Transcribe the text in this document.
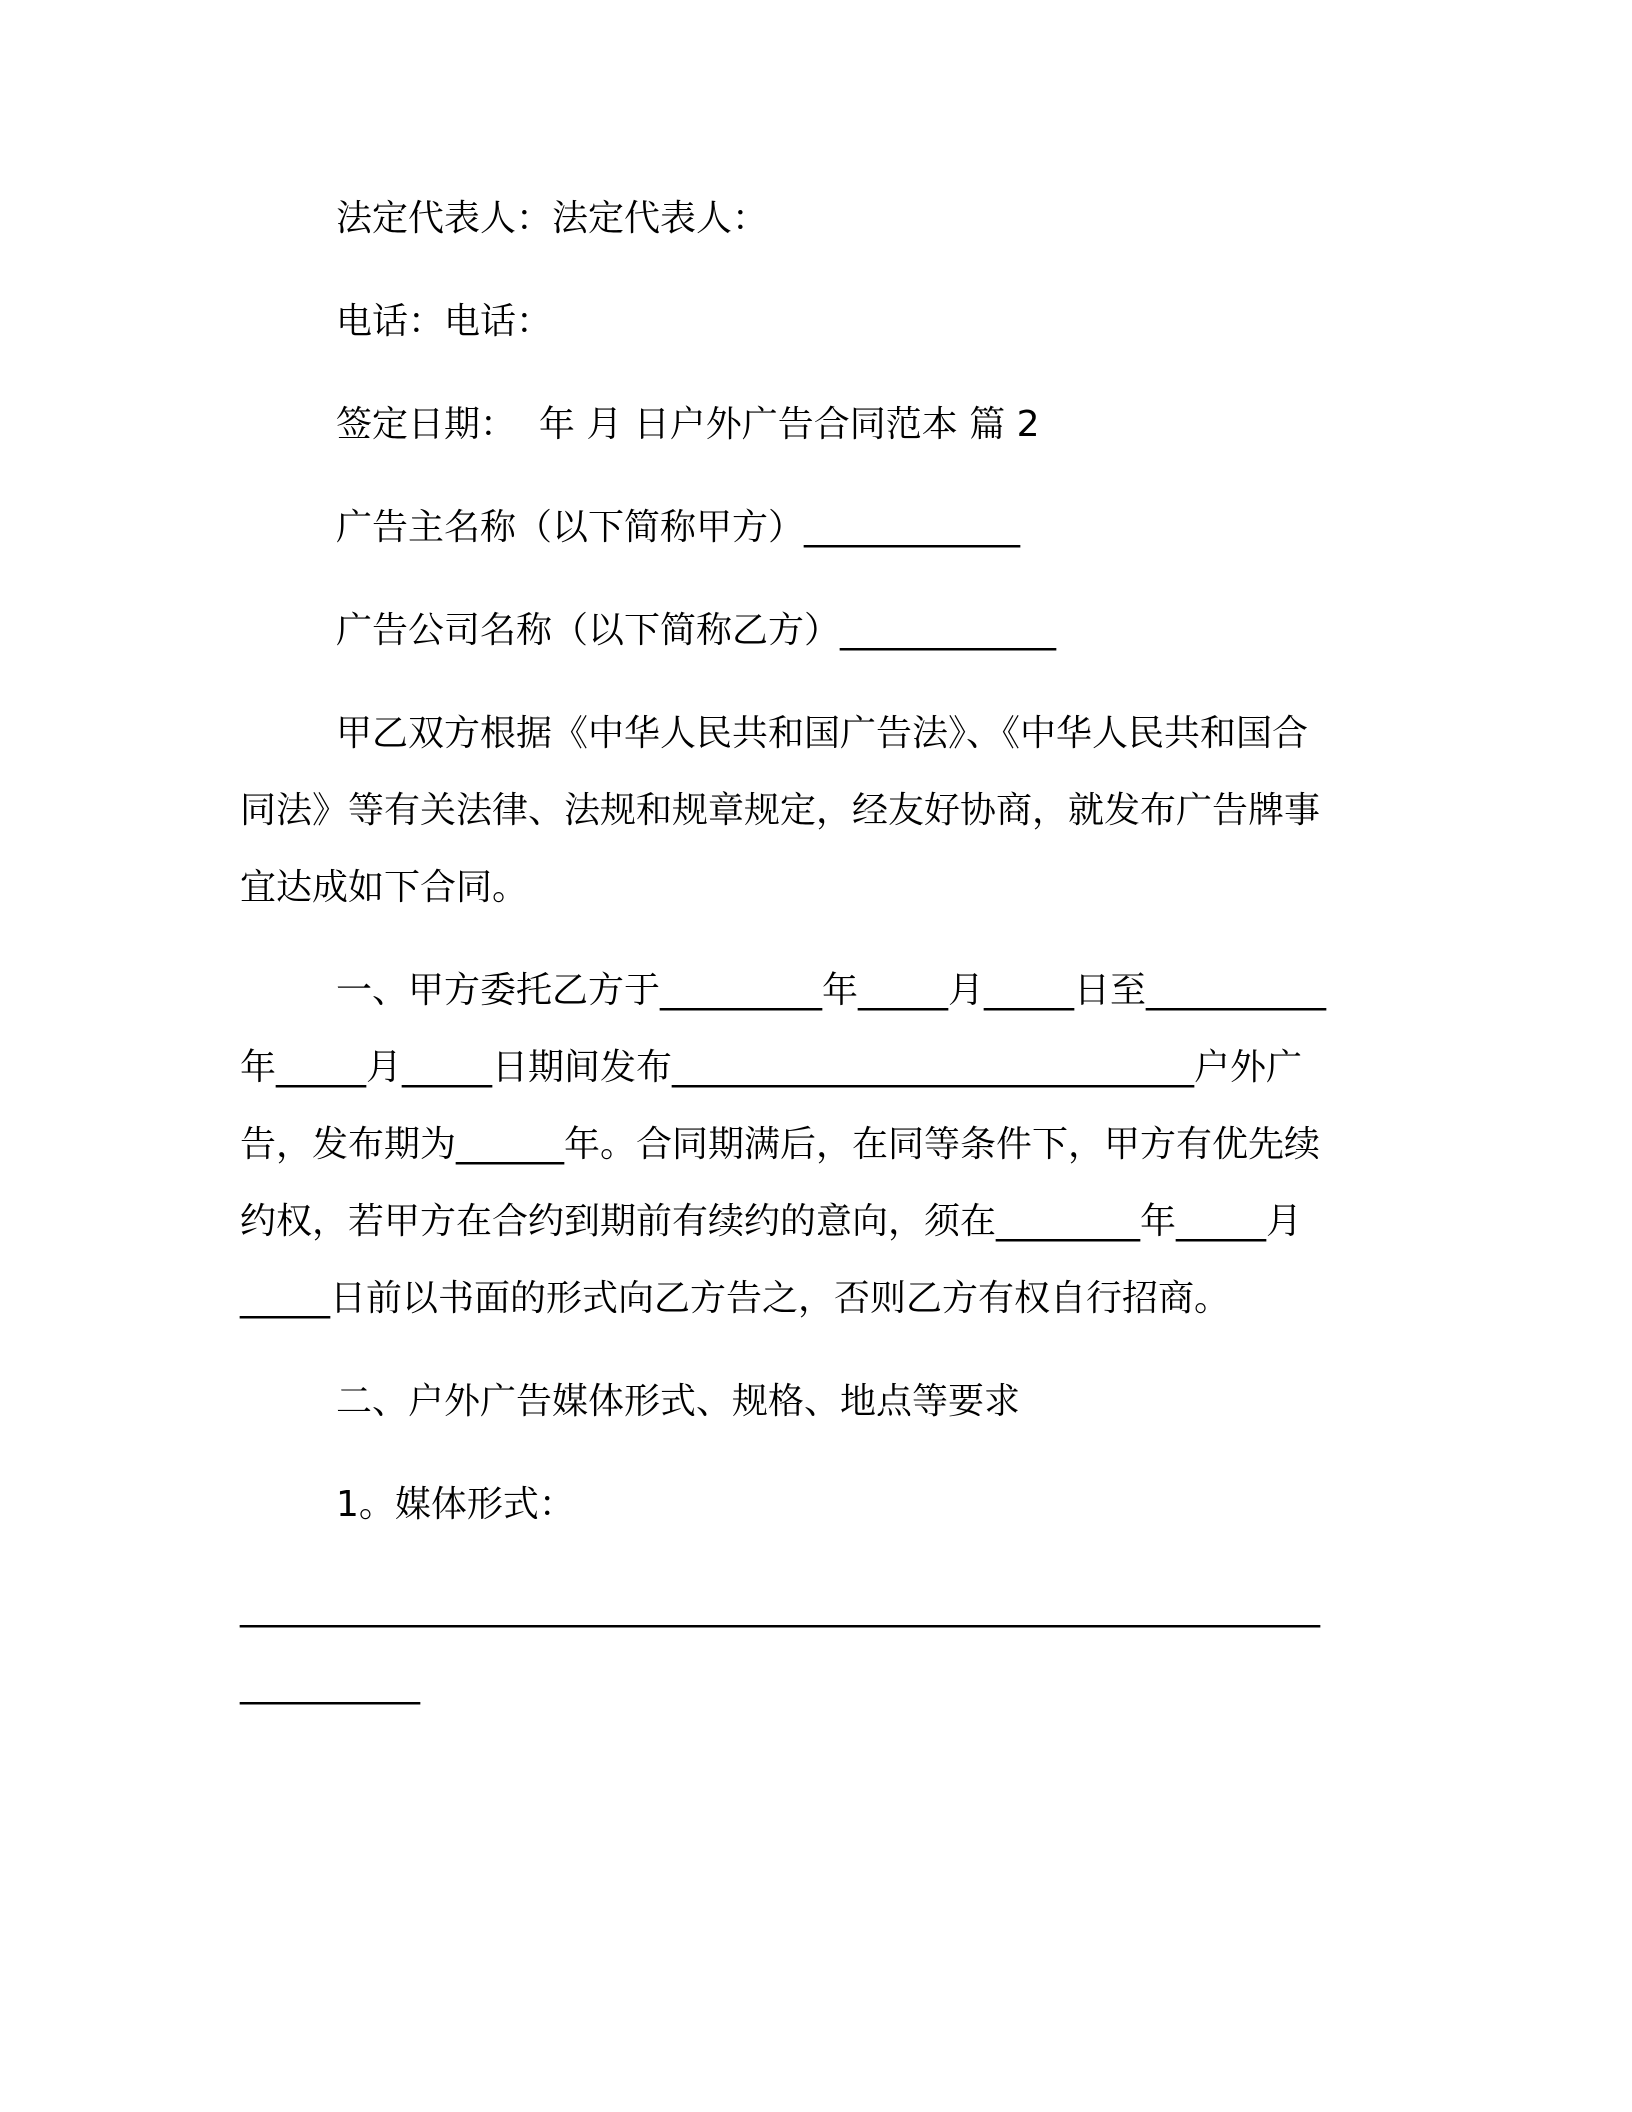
法定代表人：法定代表人：
电话：电话：
签定日期：  年 月 日户外广告合同范本 篇 2
广告主名称（以下简称甲方）____________
广告公司名称（以下简称乙方）____________
甲乙双方根据《中华人民共和国广告法》、《中华人民共和国合
同法》等有关法律、法规和规章规定，经友好协商，就发布广告牌事
宜达成如下合同。
一、甲方委托乙方于_________年_____月_____日至__________
年_____月_____日期间发布_____________________________户外广
告，发布期为______年。合同期满后，在同等条件下，甲方有优先续
约权，若甲方在合约到期前有续约的意向，须在________年_____月
_____日前以书面的形式向乙方告之，否则乙方有权自行招商。
二、户外广告媒体形式、规格、地点等要求
1。媒体形式：
____________________________________________________________
__________
